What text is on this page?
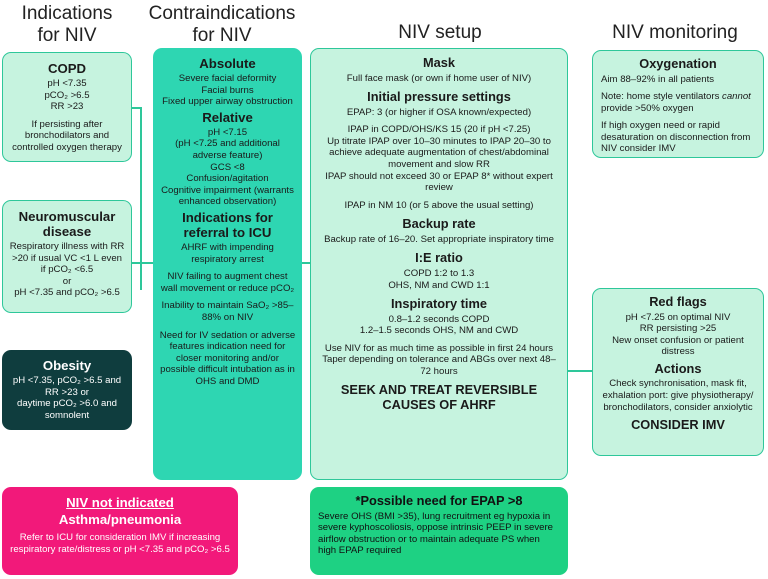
Indications for NIV
Contraindications for NIV	NIV setup	NIV monitoring
COPD

pH <7.35

pCO₂ >6.5

RR >23

If persisting after bronchodilators and controlled oxygen therapy

Neuromuscular disease

Respiratory illness with RR >20 if usual VC <1 L even if pCO₂ <6.5

or

pH <7.35 and pCO₂ >6.5

Obesity

pH <7.35, pCO₂ >6.5 and RR >23 or

daytime pCO₂ >6.0 and somnolent

NIV not indicated
Asthma/pneumonia

Refer to ICU for consideration IMV if increasing respiratory rate/distress or pH <7.35 and pCO₂ >6.5

Absolute

Severe facial deformity

Facial burns

Fixed upper airway obstruction

Relative

pH <7.15

(pH <7.25 and additional adverse feature)

GCS <8

Confusion/agitation

Cognitive impairment (warrants enhanced observation)

Indications for referral to ICU

AHRF with impending respiratory arrest

NIV failing to augment chest wall movement or reduce pCO₂

Inability to maintain SaO₂ >85–88% on NIV

Need for IV sedation or adverse features indication need for closer monitoring and/or possible difficult intubation as in OHS and DMD

Mask

Full face mask (or own if home user of NIV)

Initial pressure settings

EPAP: 3 (or higher if OSA known/expected)

IPAP in COPD/OHS/KS 15 (20 if pH <7.25)

Up titrate IPAP over 10–30 minutes to IPAP 20–30 to achieve adequate augmentation of chest/abdominal movement and slow RR

IPAP should not exceed 30 or EPAP 8* without expert review

IPAP in NM 10 (or 5 above the usual setting)

Backup rate

Backup rate of 16–20. Set appropriate inspiratory time

I:E ratio

COPD 1:2 to 1.3

OHS, NM and CWD 1:1

Inspiratory time

0.8–1.2 seconds COPD

1.2–1.5 seconds OHS, NM and CWD

Use NIV for as much time as possible in first 24 hours Taper depending on tolerance and ABGs over next 48–72 hours

SEEK AND TREAT REVERSIBLE CAUSES OF AHRF
*Possible need for EPAP >8

Severe OHS (BMI >35), lung recruitment eg hypoxia in severe kyphoscoliosis, oppose intrinsic PEEP in severe airflow obstruction or to maintain adequate PS when high EPAP required

Oxygenation

Aim 88–92% in all patients

Note: home style ventilators cannot provide >50% oxygen

If high oxygen need or rapid desaturation on disconnection from NIV consider IMV

Red flags

pH <7.25 on optimal NIV

RR persisting >25

New onset confusion or patient distress

Actions

Check synchronisation, mask fit, exhalation port: give physiotherapy/ bronchodilators, consider anxiolytic

CONSIDER IMV
